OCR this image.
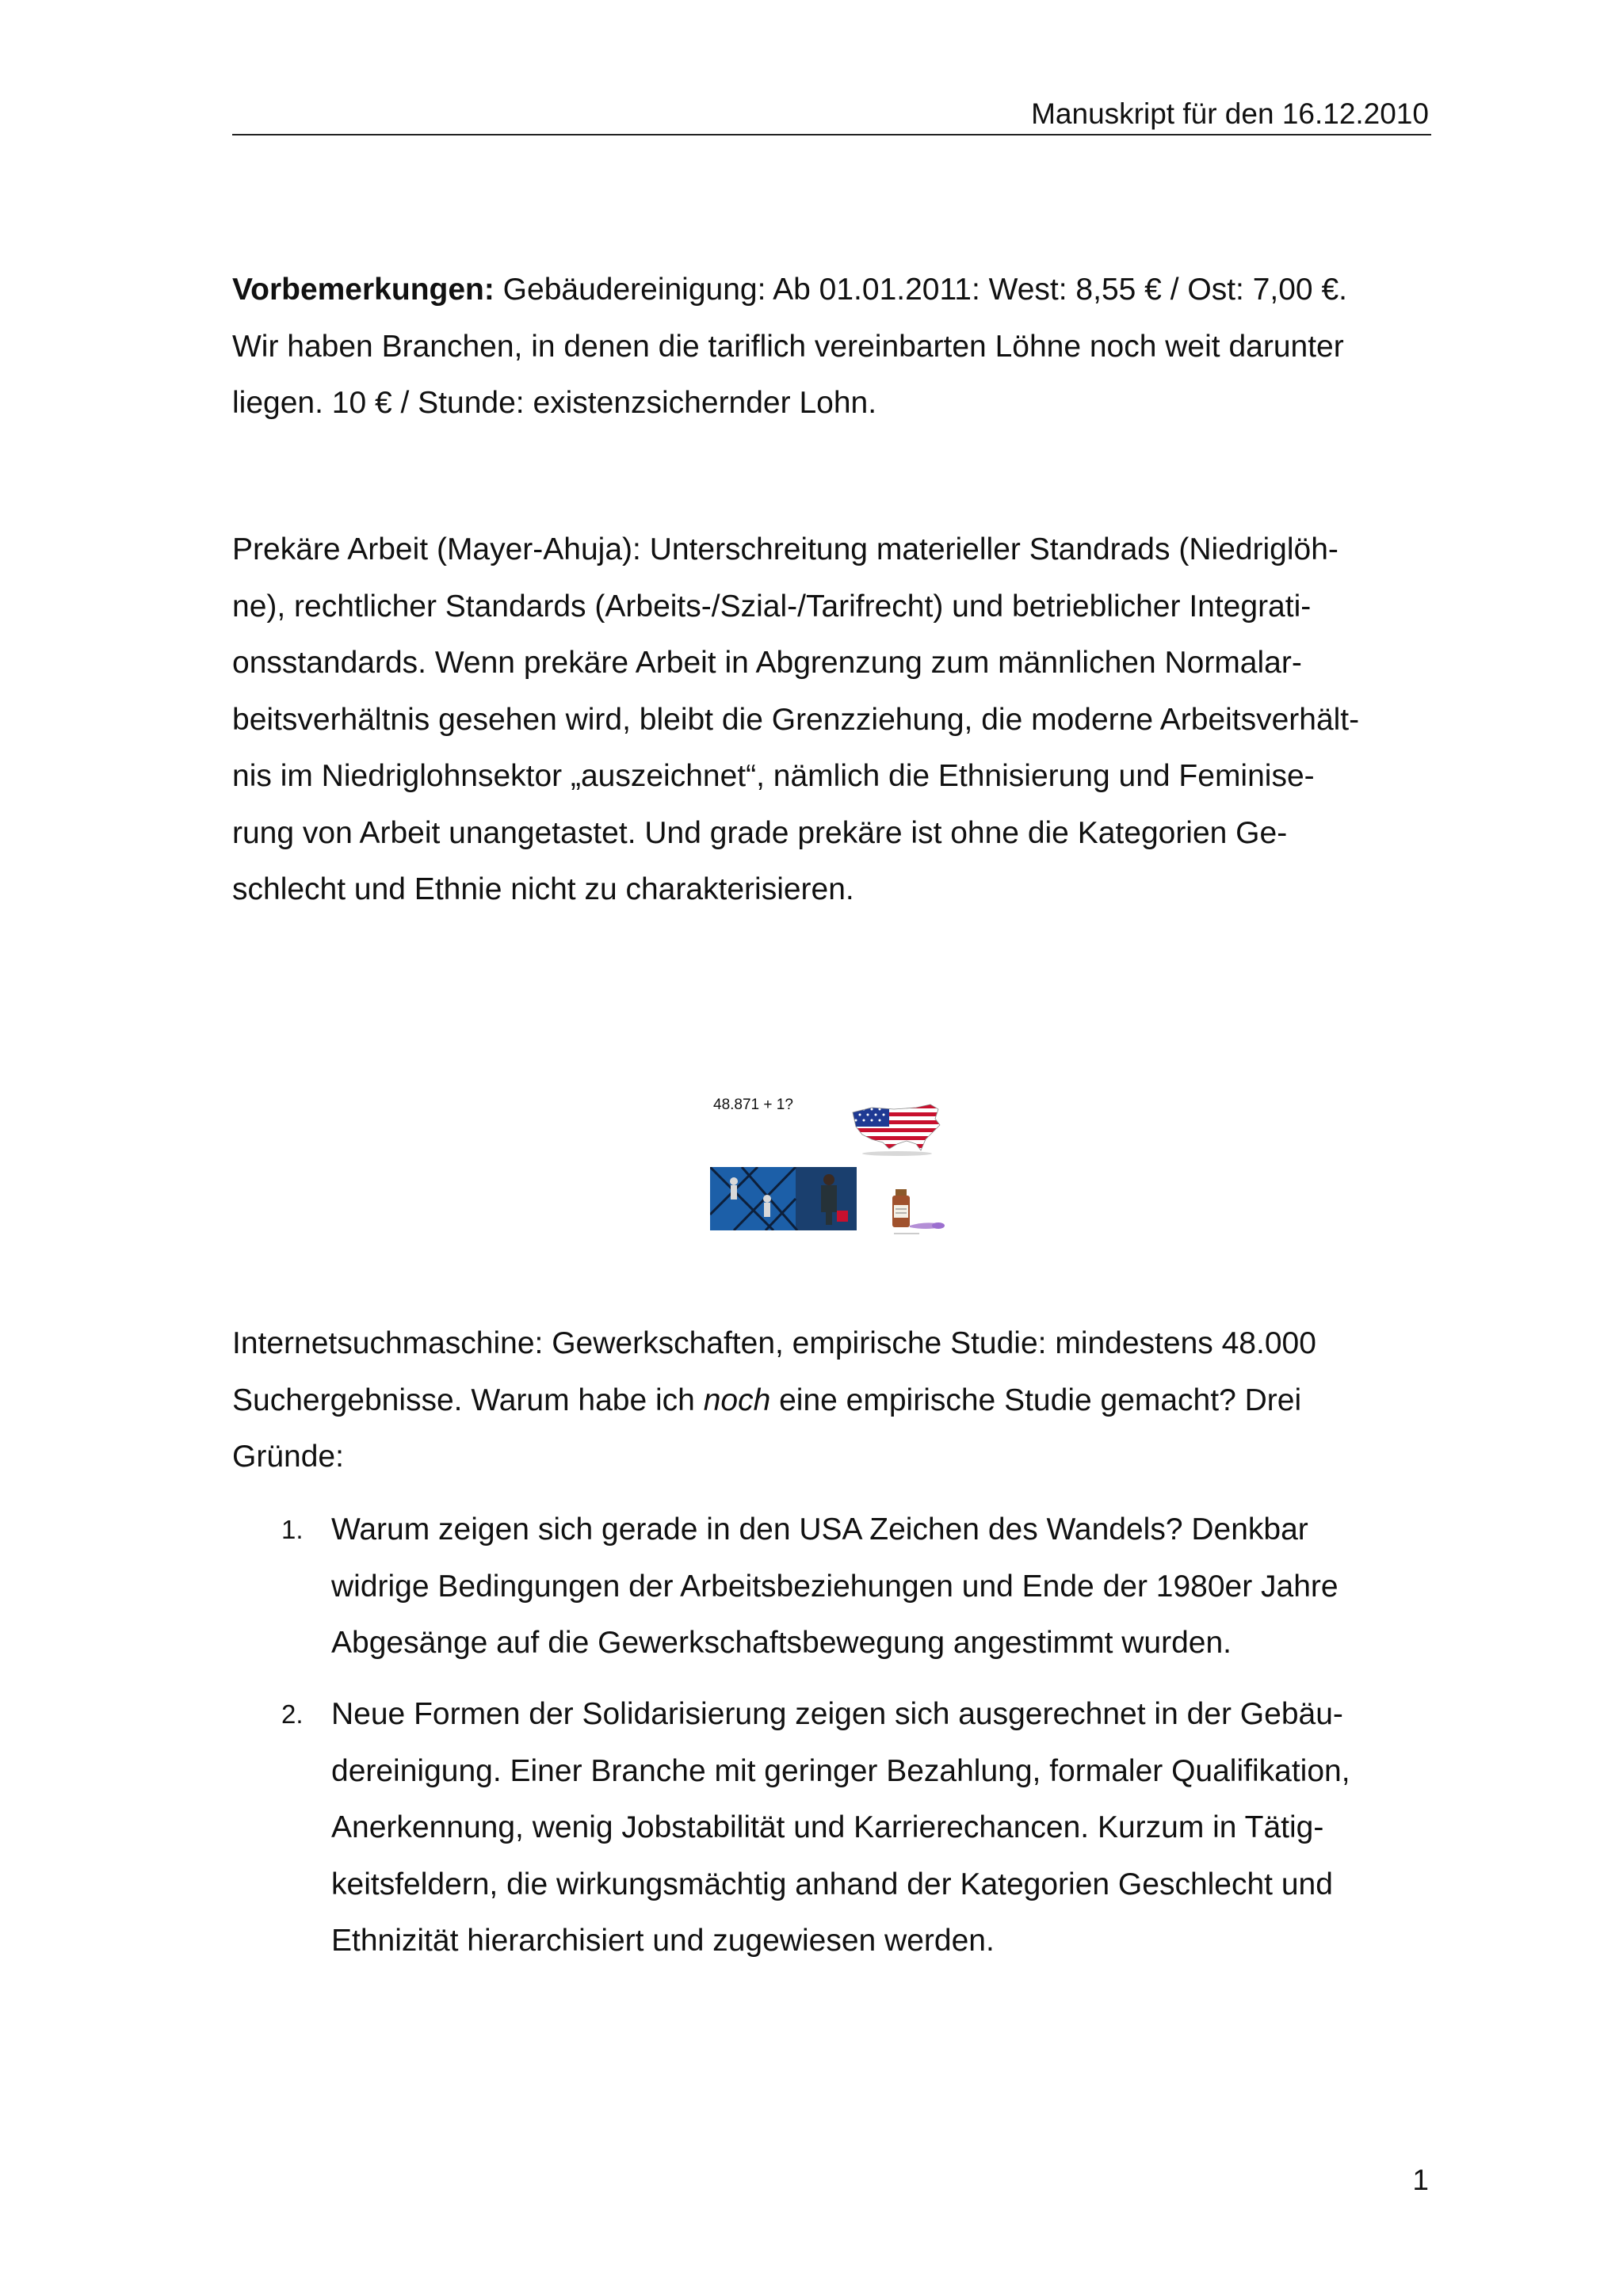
Manuskript für den 16.12.2010
Vorbemerkungen: Gebäudereinigung: Ab 01.01.2011: West: 8,55 € / Ost: 7,00 €.
Wir haben Branchen, in denen die tariflich vereinbarten Löhne noch weit darunter
liegen. 10 € / Stunde: existenzsichernder Lohn.
Prekäre Arbeit (Mayer-Ahuja): Unterschreitung materieller Standrads (Niedriglöh-
ne), rechtlicher Standards (Arbeits-/Szial-/Tarifrecht) und betrieblicher Integrati-
onsstandards. Wenn prekäre Arbeit in Abgrenzung zum männlichen Normalar-
beitsverhältnis gesehen wird, bleibt die Grenzziehung, die moderne Arbeitsverhält-
nis im Niedriglohnsektor „auszeichnet“, nämlich die Ethnisierung und Feminise-
rung von Arbeit unangetastet. Und grade prekäre ist ohne die Kategorien Ge-
schlecht und Ethnie nicht zu charakterisieren.
48.871 + 1?
Internetsuchmaschine: Gewerkschaften, empirische Studie: mindestens 48.000
Suchergebnisse. Warum habe ich noch eine empirische Studie gemacht? Drei
Gründe:
1. Warum zeigen sich gerade in den USA Zeichen des Wandels? Denkbar
widrige Bedingungen der Arbeitsbeziehungen und Ende der 1980er Jahre
Abgesänge auf die Gewerkschaftsbewegung angestimmt wurden.
2. Neue Formen der Solidarisierung zeigen sich ausgerechnet in der Gebäu-
dereinigung. Einer Branche mit geringer Bezahlung, formaler Qualifikation,
Anerkennung, wenig Jobstabilität und Karrierechancen. Kurzum in Tätig-
keitsfeldern, die wirkungsmächtig anhand der Kategorien Geschlecht und
Ethnizität hierarchisiert und zugewiesen werden.
1
